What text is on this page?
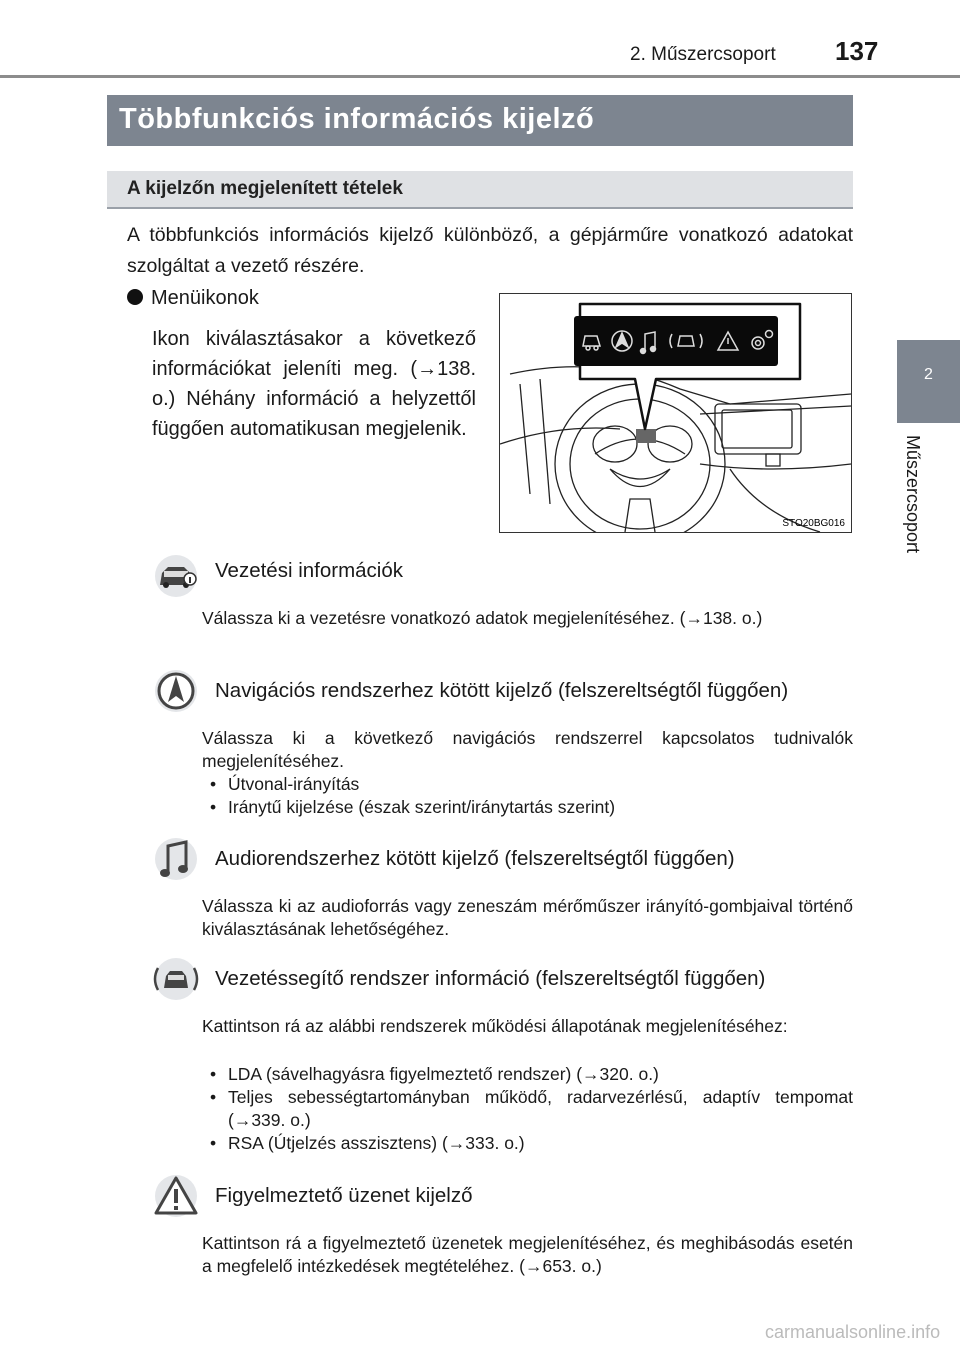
2. Műszercsoport 137
2
Műszercsoport
Többfunkciós információs kijelző
A kijelzőn megjelenített tételek
A többfunkciós információs kijelző különböző, a gépjárműre vonatkozó adatokat szolgáltat a vezető részére.
Menüikonok
Ikon kiválasztásakor a következő információkat jeleníti meg. (→138. o.) Néhány információ a helyzettől függően automatikusan megjelenik.
STO20BG016
Vezetési információk
Válassza ki a vezetésre vonatkozó adatok megjelenítéséhez. (→138. o.)
Navigációs rendszerhez kötött kijelző (felszereltségtől függően)
Válassza ki a következő navigációs rendszerrel kapcsolatos tudnivalók megjelenítéséhez.
• Útvonal-irányítás
• Iránytű kijelzése (észak szerint/iránytartás szerint)
Audiorendszerhez kötött kijelző (felszereltségtől függően)
Válassza ki az audioforrás vagy zeneszám mérőműszer irányító-gombjaival történő kiválasztásának lehetőségéhez.
Vezetéssegítő rendszer információ (felszereltségtől függően)
Kattintson rá az alábbi rendszerek működési állapotának megjelenítéséhez:
• LDA (sávelhagyásra figyelmeztető rendszer) (→320. o.)
• Teljes sebességtartományban működő, radarvezérlésű, adaptív tempomat (→339. o.)
• RSA (Útjelzés asszisztens) (→333. o.)
Figyelmeztető üzenet kijelző
Kattintson rá a figyelmeztető üzenetek megjelenítéséhez, és meghibásodás esetén a megfelelő intézkedések megtételéhez. (→653. o.)
carmanualsonline.info
